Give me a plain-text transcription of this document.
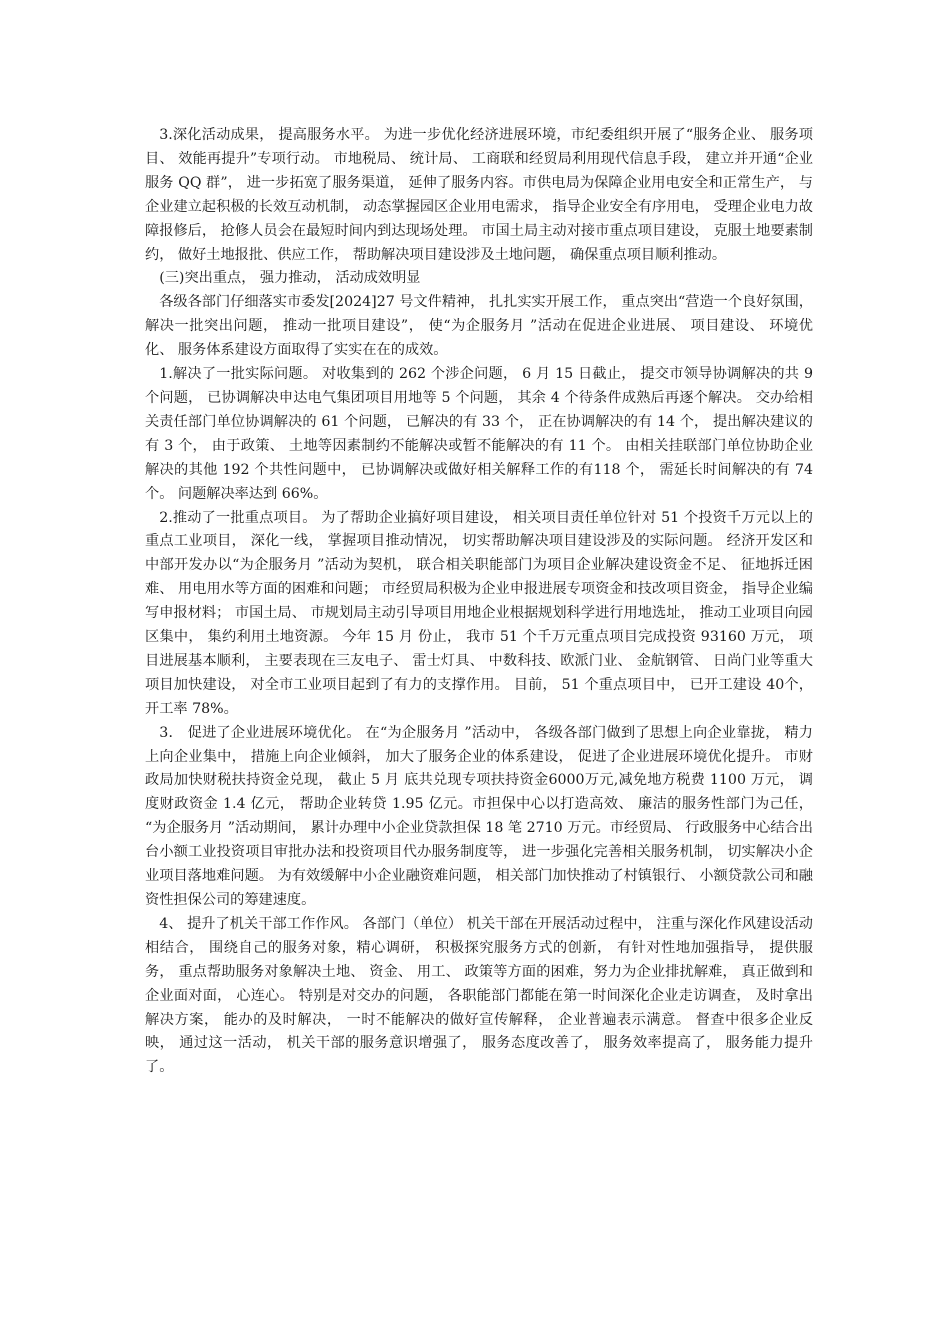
3.深化活动成果， 提高服务水平。 为进一步优化经济进展环境，市纪委组织开展了“服务企业、 服务项目、 效能再提升”专项行动。 市地税局、 统计局、 工商联和经贸局利用现代信息手段， 建立并开通“企业服务 QQ 群”， 进一步拓宽了服务渠道， 延伸了服务内容。市供电局为保障企业用电安全和正常生产， 与企业建立起积极的长效互动机制， 动态掌握园区企业用电需求， 指导企业安全有序用电， 受理企业电力故障报修后， 抢修人员会在最短时间内到达现场处理。 市国土局主动对接市重点项目建设， 克服土地要素制约， 做好土地报批、供应工作， 帮助解决项目建设涉及土地问题， 确保重点项目顺利推动。

(三)突出重点， 强力推动， 活动成效明显

各级各部门仔细落实市委发[2024]27 号文件精神， 扎扎实实开展工作， 重点突出“营造一个良好氛围， 解决一批突出问题， 推动一批项目建设”， 使“为企服务月 ”活动在促进企业进展、 项目建设、 环境优化、 服务体系建设方面取得了实实在在的成效。

1.解决了一批实际问题。 对收集到的 262 个涉企问题， 6 月 15 日截止， 提交市领导协调解决的共 9 个问题， 已协调解决申达电气集团项目用地等 5 个问题， 其余 4 个待条件成熟后再逐个解决。 交办给相关责任部门单位协调解决的 61 个问题， 已解决的有 33 个， 正在协调解决的有 14 个， 提出解决建议的有 3 个， 由于政策、 土地等因素制约不能解决或暂不能解决的有 11 个。 由相关挂联部门单位协助企业解决的其他 192 个共性问题中， 已协调解决或做好相关解释工作的有118 个， 需延长时间解决的有 74 个。 问题解决率达到 66%。

2.推动了一批重点项目。 为了帮助企业搞好项目建设， 相关项目责任单位针对 51 个投资千万元以上的重点工业项目， 深化一线， 掌握项目推动情况， 切实帮助解决项目建设涉及的实际问题。 经济开发区和中部开发办以“为企服务月 ”活动为契机， 联合相关职能部门为项目企业解决建设资金不足、 征地拆迁困难、 用电用水等方面的困难和问题； 市经贸局积极为企业申报进展专项资金和技改项目资金， 指导企业编写申报材料； 市国土局、 市规划局主动引导项目用地企业根据规划科学进行用地选址， 推动工业项目向园区集中， 集约利用土地资源。 今年 15 月 份止， 我市 51 个千万元重点项目完成投资 93160 万元， 项目进展基本顺利， 主要表现在三友电子、 雷士灯具、 中数科技、欧派门业、 金航钢管、 日尚门业等重大项目加快建设， 对全市工业项目起到了有力的支撑作用。 目前， 51 个重点项目中， 已开工建设 40个， 开工率 78%。

3． 促进了企业进展环境优化。 在“为企服务月 ”活动中， 各级各部门做到了思想上向企业靠拢， 精力上向企业集中， 措施上向企业倾斜， 加大了服务企业的体系建设， 促进了企业进展环境优化提升。 市财政局加快财税扶持资金兑现， 截止 5 月 底共兑现专项扶持资金6000万元,减免地方税费 1100 万元， 调度财政资金 1.4 亿元， 帮助企业转贷 1.95 亿元。市担保中心以打造高效、 廉洁的服务性部门为己任， “为企服务月 ”活动期间， 累计办理中小企业贷款担保 18 笔 2710 万元。市经贸局、 行政服务中心结合出台小额工业投资项目审批办法和投资项目代办服务制度等， 进一步强化完善相关服务机制， 切实解决小企业项目落地难问题。 为有效缓解中小企业融资难问题， 相关部门加快推动了村镇银行、 小额贷款公司和融资性担保公司的筹建速度。

4、 提升了机关干部工作作风。 各部门（单位） 机关干部在开展活动过程中， 注重与深化作风建设活动相结合， 围绕自己的服务对象，精心调研， 积极探究服务方式的创新， 有针对性地加强指导， 提供服务， 重点帮助服务对象解决土地、 资金、 用工、 政策等方面的困难，努力为企业排扰解难， 真正做到和企业面对面， 心连心。 特别是对交办的问题， 各职能部门都能在第一时间深化企业走访调查， 及时拿出解决方案， 能办的及时解决， 一时不能解决的做好宣传解释， 企业普遍表示满意。 督查中很多企业反映， 通过这一活动， 机关干部的服务意识增强了， 服务态度改善了， 服务效率提高了， 服务能力提升了。
